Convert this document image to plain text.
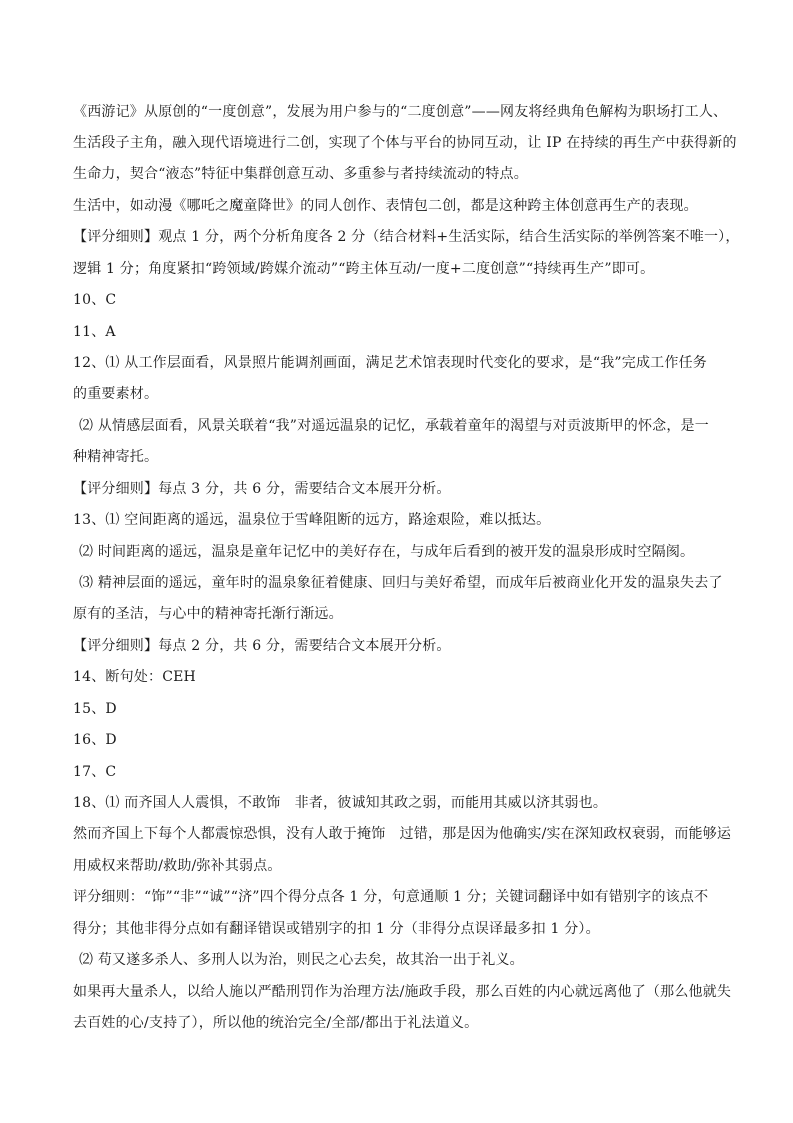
《西游记》从原创的“一度创意”，发展为用户参与的“二度创意”——网友将经典角色解构为职场打工人、
生活段子主角，融入现代语境进行二创，实现了个体与平台的协同互动，让 IP 在持续的再生产中获得新的
生命力，契合“液态”特征中集群创意互动、多重参与者持续流动的特点。
生活中，如动漫《哪吒之魔童降世》的同人创作、表情包二创，都是这种跨主体创意再生产的表现。
【评分细则】观点 1 分，两个分析角度各 2 分（结合材料+生活实际，结合生活实际的举例答案不唯一），
逻辑 1 分；角度紧扣“跨领域/跨媒介流动”“跨主体互动/一度+二度创意”“持续再生产”即可。
10、C
11、A
12、⑴ 从工作层面看，风景照片能调剂画面，满足艺术馆表现时代变化的要求，是“我”完成工作任务
的重要素材。
⑵ 从情感层面看，风景关联着“我”对遥远温泉的记忆，承载着童年的渴望与对贡波斯甲的怀念，是一
种精神寄托。
【评分细则】每点 3 分，共 6 分，需要结合文本展开分析。
13、⑴ 空间距离的遥远，温泉位于雪峰阻断的远方，路途艰险，难以抵达。
⑵ 时间距离的遥远，温泉是童年记忆中的美好存在，与成年后看到的被开发的温泉形成时空隔阂。
⑶ 精神层面的遥远，童年时的温泉象征着健康、回归与美好希望，而成年后被商业化开发的温泉失去了
原有的圣洁，与心中的精神寄托渐行渐远。
【评分细则】每点 2 分，共 6 分，需要结合文本展开分析。
14、断句处：CEH
15、D
16、D
17、C
18、⑴ 而齐国人人震惧，不敢饰　非者，彼诚知其政之弱，而能用其威以济其弱也。
然而齐国上下每个人都震惊恐惧，没有人敢于掩饰　过错，那是因为他确实/实在深知政权衰弱，而能够运
用威权来帮助/救助/弥补其弱点。
评分细则：“饰”“非”“诚”“济”四个得分点各 1 分，句意通顺 1 分；关键词翻译中如有错别字的该点不
得分；其他非得分点如有翻译错误或错别字的扣 1 分（非得分点误译最多扣 1 分）。
⑵ 苟又遂多杀人、多刑人以为治，则民之心去矣，故其治一出于礼义。
如果再大量杀人，以给人施以严酷刑罚作为治理方法/施政手段，那么百姓的内心就远离他了（那么他就失
去百姓的心/支持了），所以他的统治完全/全部/都出于礼法道义。
